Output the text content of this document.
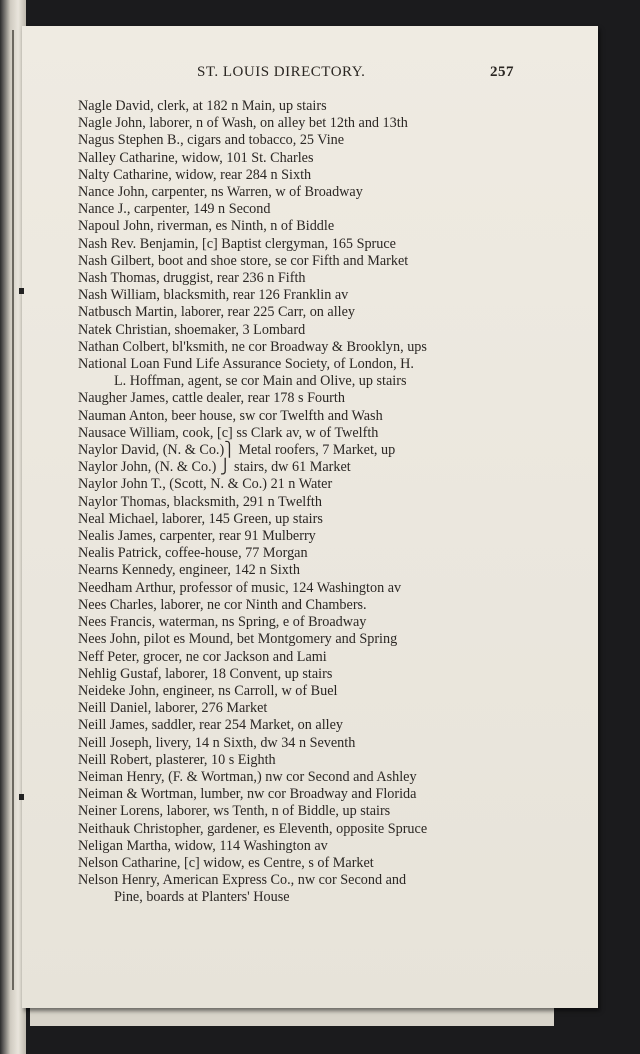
ST. LOUIS DIRECTORY.	257
Nagle David, clerk, at 182 n Main, up stairs
Nagle John, laborer, n of Wash, on alley bet 12th and 13th
Nagus Stephen B., cigars and tobacco, 25 Vine
Nalley Catharine, widow, 101 St. Charles
Nalty Catharine, widow, rear 284 n Sixth
Nance John, carpenter, ns Warren, w of Broadway
Nance J., carpenter, 149 n Second
Napoul John, riverman, es Ninth, n of Biddle
Nash Rev. Benjamin, [c] Baptist clergyman, 165 Spruce
Nash Gilbert, boot and shoe store, se cor Fifth and Market
Nash Thomas, druggist, rear 236 n Fifth
Nash William, blacksmith, rear 126 Franklin av
Natbusch Martin, laborer, rear 225 Carr, on alley
Natek Christian, shoemaker, 3 Lombard
Nathan Colbert, bl'ksmith, ne cor Broadway & Brooklyn, ups
National Loan Fund Life Assurance Society, of London, H.
L. Hoffman, agent, se cor Main and Olive, up stairs
Naugher James, cattle dealer, rear 178 s Fourth
Nauman Anton, beer house, sw cor Twelfth and Wash
Nausace William, cook, [c] ss Clark av, w of Twelfth
Naylor David, (N. & Co.)⎫ Metal roofers, 7 Market, up
Naylor John, (N. & Co.) ⎭ stairs, dw 61 Market
Naylor John T., (Scott, N. & Co.) 21 n Water
Naylor Thomas, blacksmith, 291 n Twelfth
Neal Michael, laborer, 145 Green, up stairs
Nealis James, carpenter, rear 91 Mulberry
Nealis Patrick, coffee-house, 77 Morgan
Nearns Kennedy, engineer, 142 n Sixth
Needham Arthur, professor of music, 124 Washington av
Nees Charles, laborer, ne cor Ninth and Chambers.
Nees Francis, waterman, ns Spring, e of Broadway
Nees John, pilot es Mound, bet Montgomery and Spring
Neff Peter, grocer, ne cor Jackson and Lami
Nehlig Gustaf, laborer, 18 Convent, up stairs
Neideke John, engineer, ns Carroll, w of Buel
Neill Daniel, laborer, 276 Market
Neill James, saddler, rear 254 Market, on alley
Neill Joseph, livery, 14 n Sixth, dw 34 n Seventh
Neill Robert, plasterer, 10 s Eighth
Neiman Henry, (F. & Wortman,) nw cor Second and Ashley
Neiman & Wortman, lumber, nw cor Broadway and Florida
Neiner Lorens, laborer, ws Tenth, n of Biddle, up stairs
Neithauk Christopher, gardener, es Eleventh, opposite Spruce
Neligan Martha, widow, 114 Washington av
Nelson Catharine, [c] widow, es Centre, s of Market
Nelson Henry, American Express Co., nw cor Second and
Pine, boards at Planters' House
